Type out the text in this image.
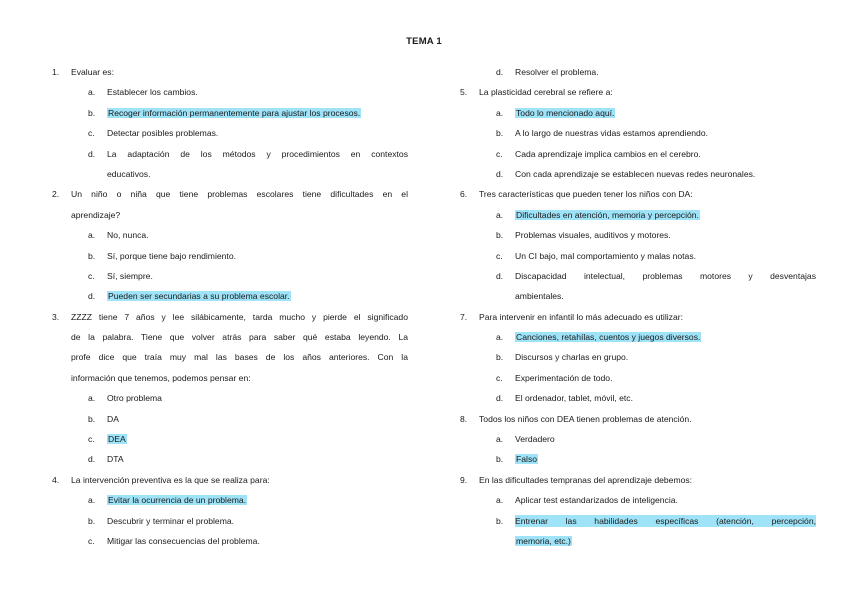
TEMA 1
1.	Evaluar es:
a.	Establecer los cambios.
b.	Recoger información permanentemente para ajustar los procesos.
c.	Detectar posibles problemas.
d.	La adaptación de los métodos y procedimientos en contextos
educativos.
2.	Un niño o niña que tiene problemas escolares tiene dificultades en el
aprendizaje?
a.	No, nunca.
b.	Sí, porque tiene bajo rendimiento.
c.	Sí, siempre.
d.	Pueden ser secundarias a su problema escolar.
3.	ZZZZ tiene 7 años y lee silábicamente, tarda mucho y pierde el significado
de la palabra. Tiene que volver atrás para saber qué estaba leyendo. La
profe dice que traía muy mal las bases de los años anteriores. Con la
información que tenemos, podemos pensar en:
a.	Otro problema
b.	DA
c.	DEA
d.	DTA
4.	La intervención preventiva es la que se realiza para:
a.	Evitar la ocurrencia de un problema.
b.	Descubrir y terminar el problema.
c.	Mitigar las consecuencias del problema.
d.	Resolver el problema.
5.	La plasticidad cerebral se refiere a:
a.	Todo lo mencionado aquí.
b.	A lo largo de nuestras vidas estamos aprendiendo.
c.	Cada aprendizaje implica cambios en el cerebro.
d.	Con cada aprendizaje se establecen nuevas redes neuronales.
6.	Tres características que pueden tener los niños con DA:
a.	Dificultades en atención, memoria y percepción.
b.	Problemas visuales, auditivos y motores.
c.	Un CI bajo, mal comportamiento y malas notas.
d.	Discapacidad intelectual, problemas motores y desventajas
ambientales.
7.	Para intervenir en infantil lo más adecuado es utilizar:
a.	Canciones, retahílas, cuentos y juegos diversos.
b.	Discursos y charlas en grupo.
c.	Experimentación de todo.
d.	El ordenador, tablet, móvil, etc.
8.	Todos los niños con DEA tienen problemas de atención.
a.	Verdadero
b.	Falso
9.	En las dificultades tempranas del aprendizaje debemos:
a.	Aplicar test estandarizados de inteligencia.
b.	Entrenar las habilidades específicas (atención, percepción,
memoria, etc.)
